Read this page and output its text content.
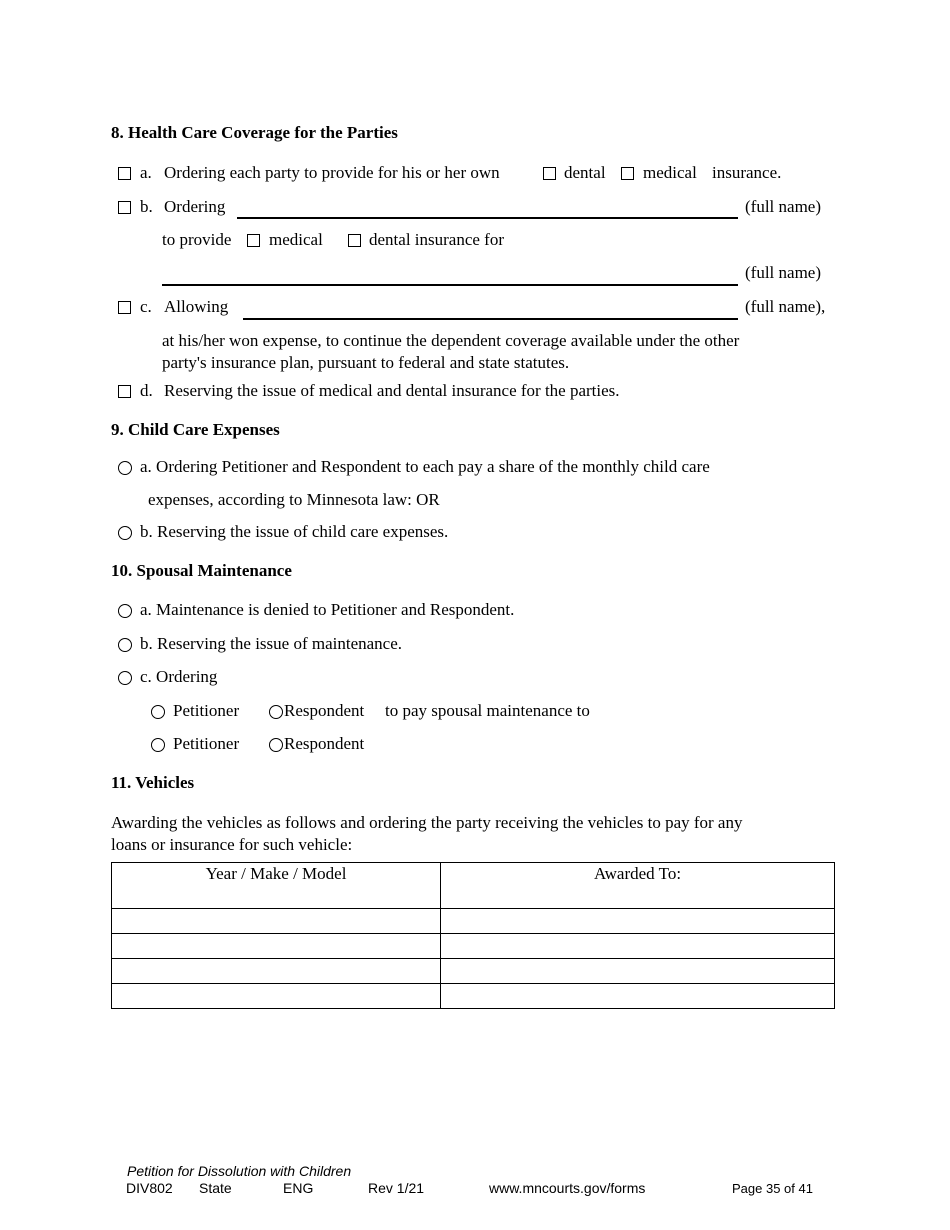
8. Health Care Coverage for the Parties
a. Ordering each party to provide for his or her own	dental medical insurance.
b. Ordering	(full name)
to provide medical	dental insurance for
(full name)
c. Allowing	(full name),
at his/her won expense, to continue the dependent coverage available under the other
party's insurance plan, pursuant to federal and state statutes.
d. Reserving the issue of medical and dental insurance for the parties.
9. Child Care Expenses
a. Ordering Petitioner and Respondent to each pay a share of the monthly child care
expenses, according to Minnesota law: OR
b. Reserving the issue of child care expenses.
10. Spousal Maintenance
a. Maintenance is denied to Petitioner and Respondent.
b. Reserving the issue of maintenance.
c. Ordering
Petitioner	Respondent to pay spousal maintenance to
Petitioner	Respondent
11. Vehicles
Awarding the vehicles as follows and ordering the party receiving the vehicles to pay for any
loans or insurance for such vehicle:
Year / Make / Model	Awarded To:

Petition for Dissolution with Children
DIV802 State	ENG	Rev 1/21	www.mncourts.gov/forms	Page 35 of 41
